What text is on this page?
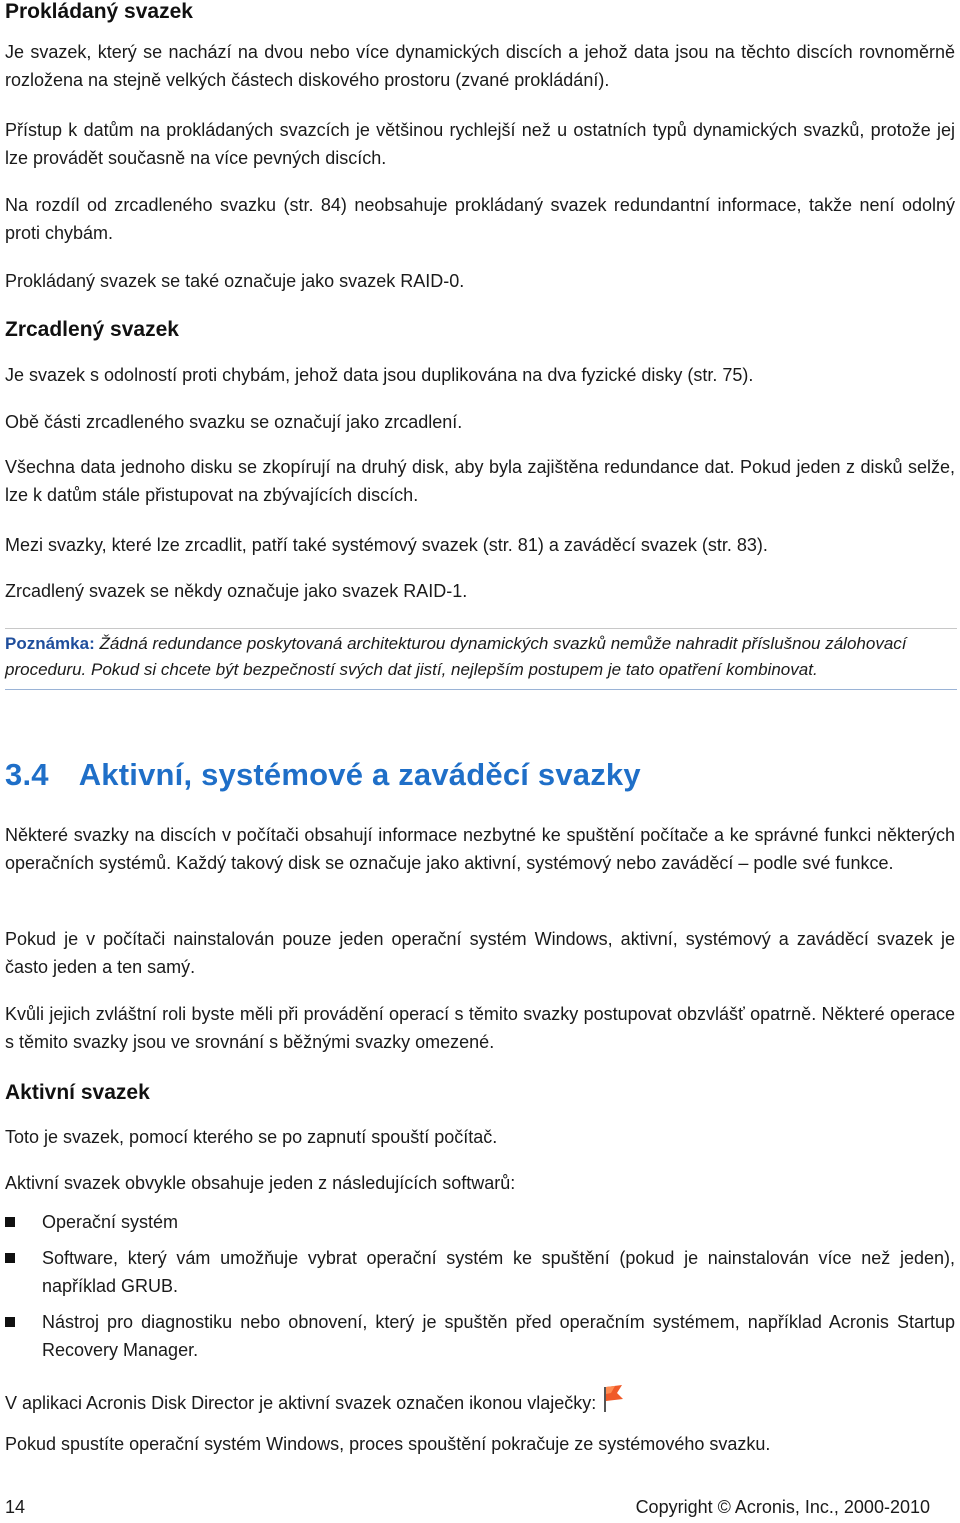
Prokládaný svazek

Je svazek, který se nachází na dvou nebo více dynamických discích a jehož data jsou na těchto discích rovnoměrně rozložena na stejně velkých částech diskového prostoru (zvané prokládání).

Přístup k datům na prokládaných svazcích je většinou rychlejší než u ostatních typů dynamických svazků, protože jej lze provádět současně na více pevných discích.

Na rozdíl od zrcadleného svazku (str. 84) neobsahuje prokládaný svazek redundantní informace, takže není odolný proti chybám.

Prokládaný svazek se také označuje jako svazek RAID-0.

Zrcadlený svazek

Je svazek s odolností proti chybám, jehož data jsou duplikována na dva fyzické disky (str. 75).

Obě části zrcadleného svazku se označují jako zrcadlení.

Všechna data jednoho disku se zkopírují na druhý disk, aby byla zajištěna redundance dat. Pokud jeden z disků selže, lze k datům stále přistupovat na zbývajících discích.

Mezi svazky, které lze zrcadlit, patří také systémový svazek (str. 81) a zaváděcí svazek (str. 83).

Zrcadlený svazek se někdy označuje jako svazek RAID-1.

Poznámka: Žádná redundance poskytovaná architekturou dynamických svazků nemůže nahradit příslušnou zálohovací proceduru. Pokud si chcete být bezpečností svých dat jistí, nejlepším postupem je tato opatření kombinovat.
3.4 Aktivní, systémové a zaváděcí svazky

Některé svazky na discích v počítači obsahují informace nezbytné ke spuštění počítače a ke správné funkci některých operačních systémů. Každý takový disk se označuje jako aktivní, systémový nebo zaváděcí – podle své funkce.

Pokud je v počítači nainstalován pouze jeden operační systém Windows, aktivní, systémový a zaváděcí svazek je často jeden a ten samý.

Kvůli jejich zvláštní roli byste měli při provádění operací s těmito svazky postupovat obzvlášť opatrně. Některé operace s těmito svazky jsou ve srovnání s běžnými svazky omezené.

Aktivní svazek

Toto je svazek, pomocí kterého se po zapnutí spouští počítač.

Aktivní svazek obvykle obsahuje jeden z následujících softwarů:

Operační systém
Software, který vám umožňuje vybrat operační systém ke spuštění (pokud je nainstalován více než jeden), například GRUB.
Nástroj pro diagnostiku nebo obnovení, který je spuštěn před operačním systémem, například Acronis Startup Recovery Manager.

V aplikaci Acronis Disk Director je aktivní svazek označen ikonou vlaječky:

Pokud spustíte operační systém Windows, proces spouštění pokračuje ze systémového svazku.

14	Copyright © Acronis, Inc., 2000-2010
